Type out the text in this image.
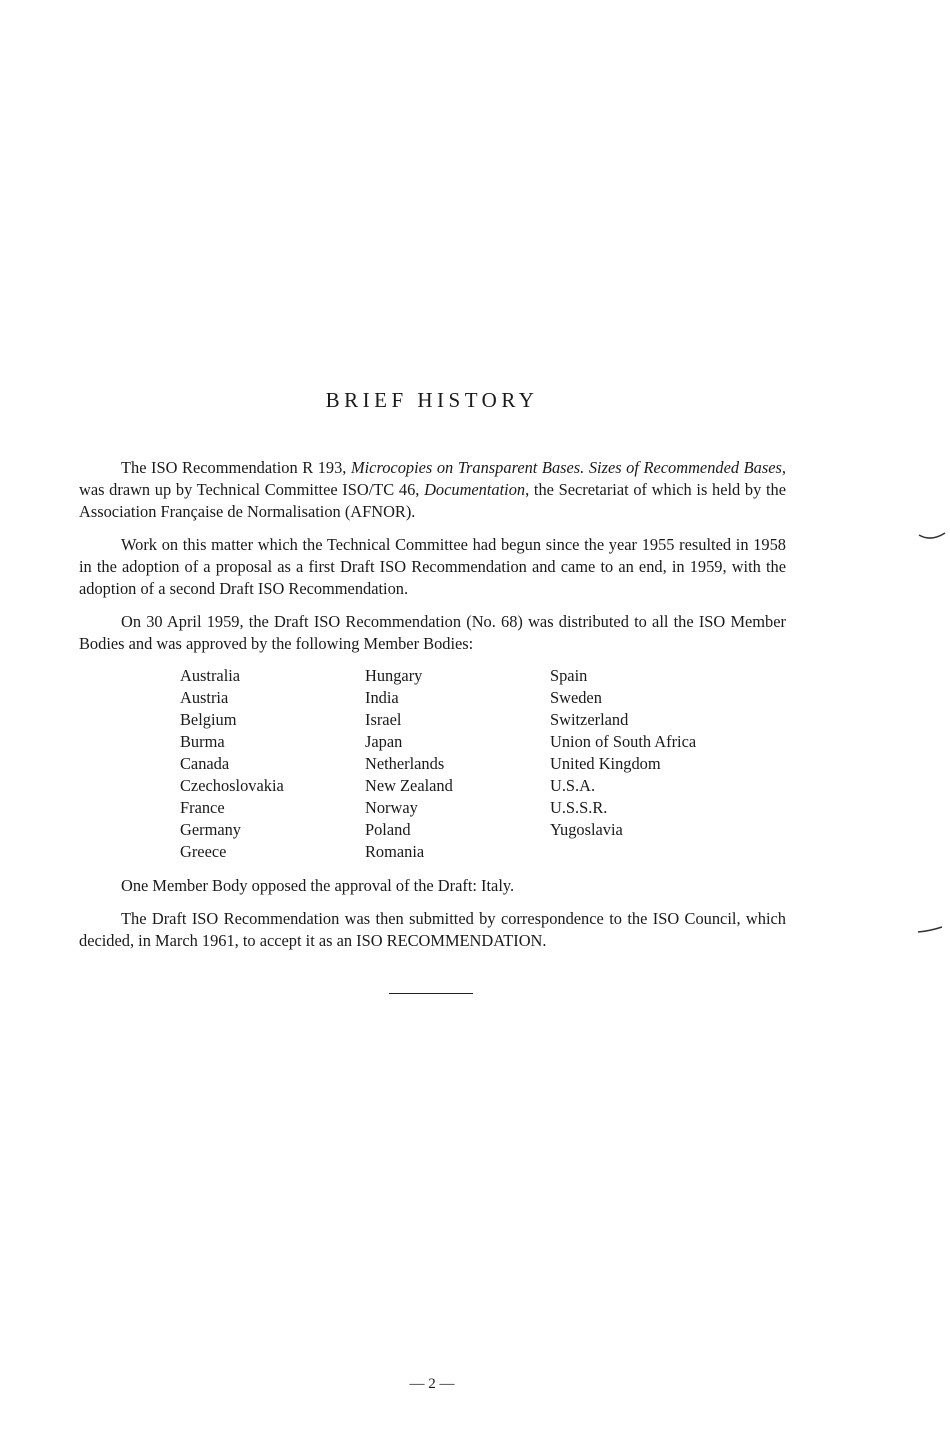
BRIEF HISTORY

The ISO Recommendation R 193, Microcopies on Transparent Bases. Sizes of Recommended Bases, was drawn up by Technical Committee ISO/TC 46, Documentation, the Secretariat of which is held by the Association Française de Normalisation (AFNOR).

Work on this matter which the Technical Committee had begun since the year 1955 resulted in 1958 in the adoption of a proposal as a first Draft ISO Recommendation and came to an end, in 1959, with the adoption of a second Draft ISO Recommendation.

On 30 April 1959, the Draft ISO Recommendation (No. 68) was distributed to all the ISO Member Bodies and was approved by the following Member Bodies:

Australia
Austria
Belgium
Burma
Canada
Czechoslovakia
France
Germany
Greece
Hungary
India
Israel
Japan
Netherlands
New Zealand
Norway
Poland
Romania
Spain
Sweden
Switzerland
Union of South Africa
United Kingdom
U.S.A.
U.S.S.R.
Yugoslavia

One Member Body opposed the approval of the Draft: Italy.

The Draft ISO Recommendation was then submitted by correspondence to the ISO Council, which decided, in March 1961, to accept it as an ISO RECOMMENDATION.

— 2 —
